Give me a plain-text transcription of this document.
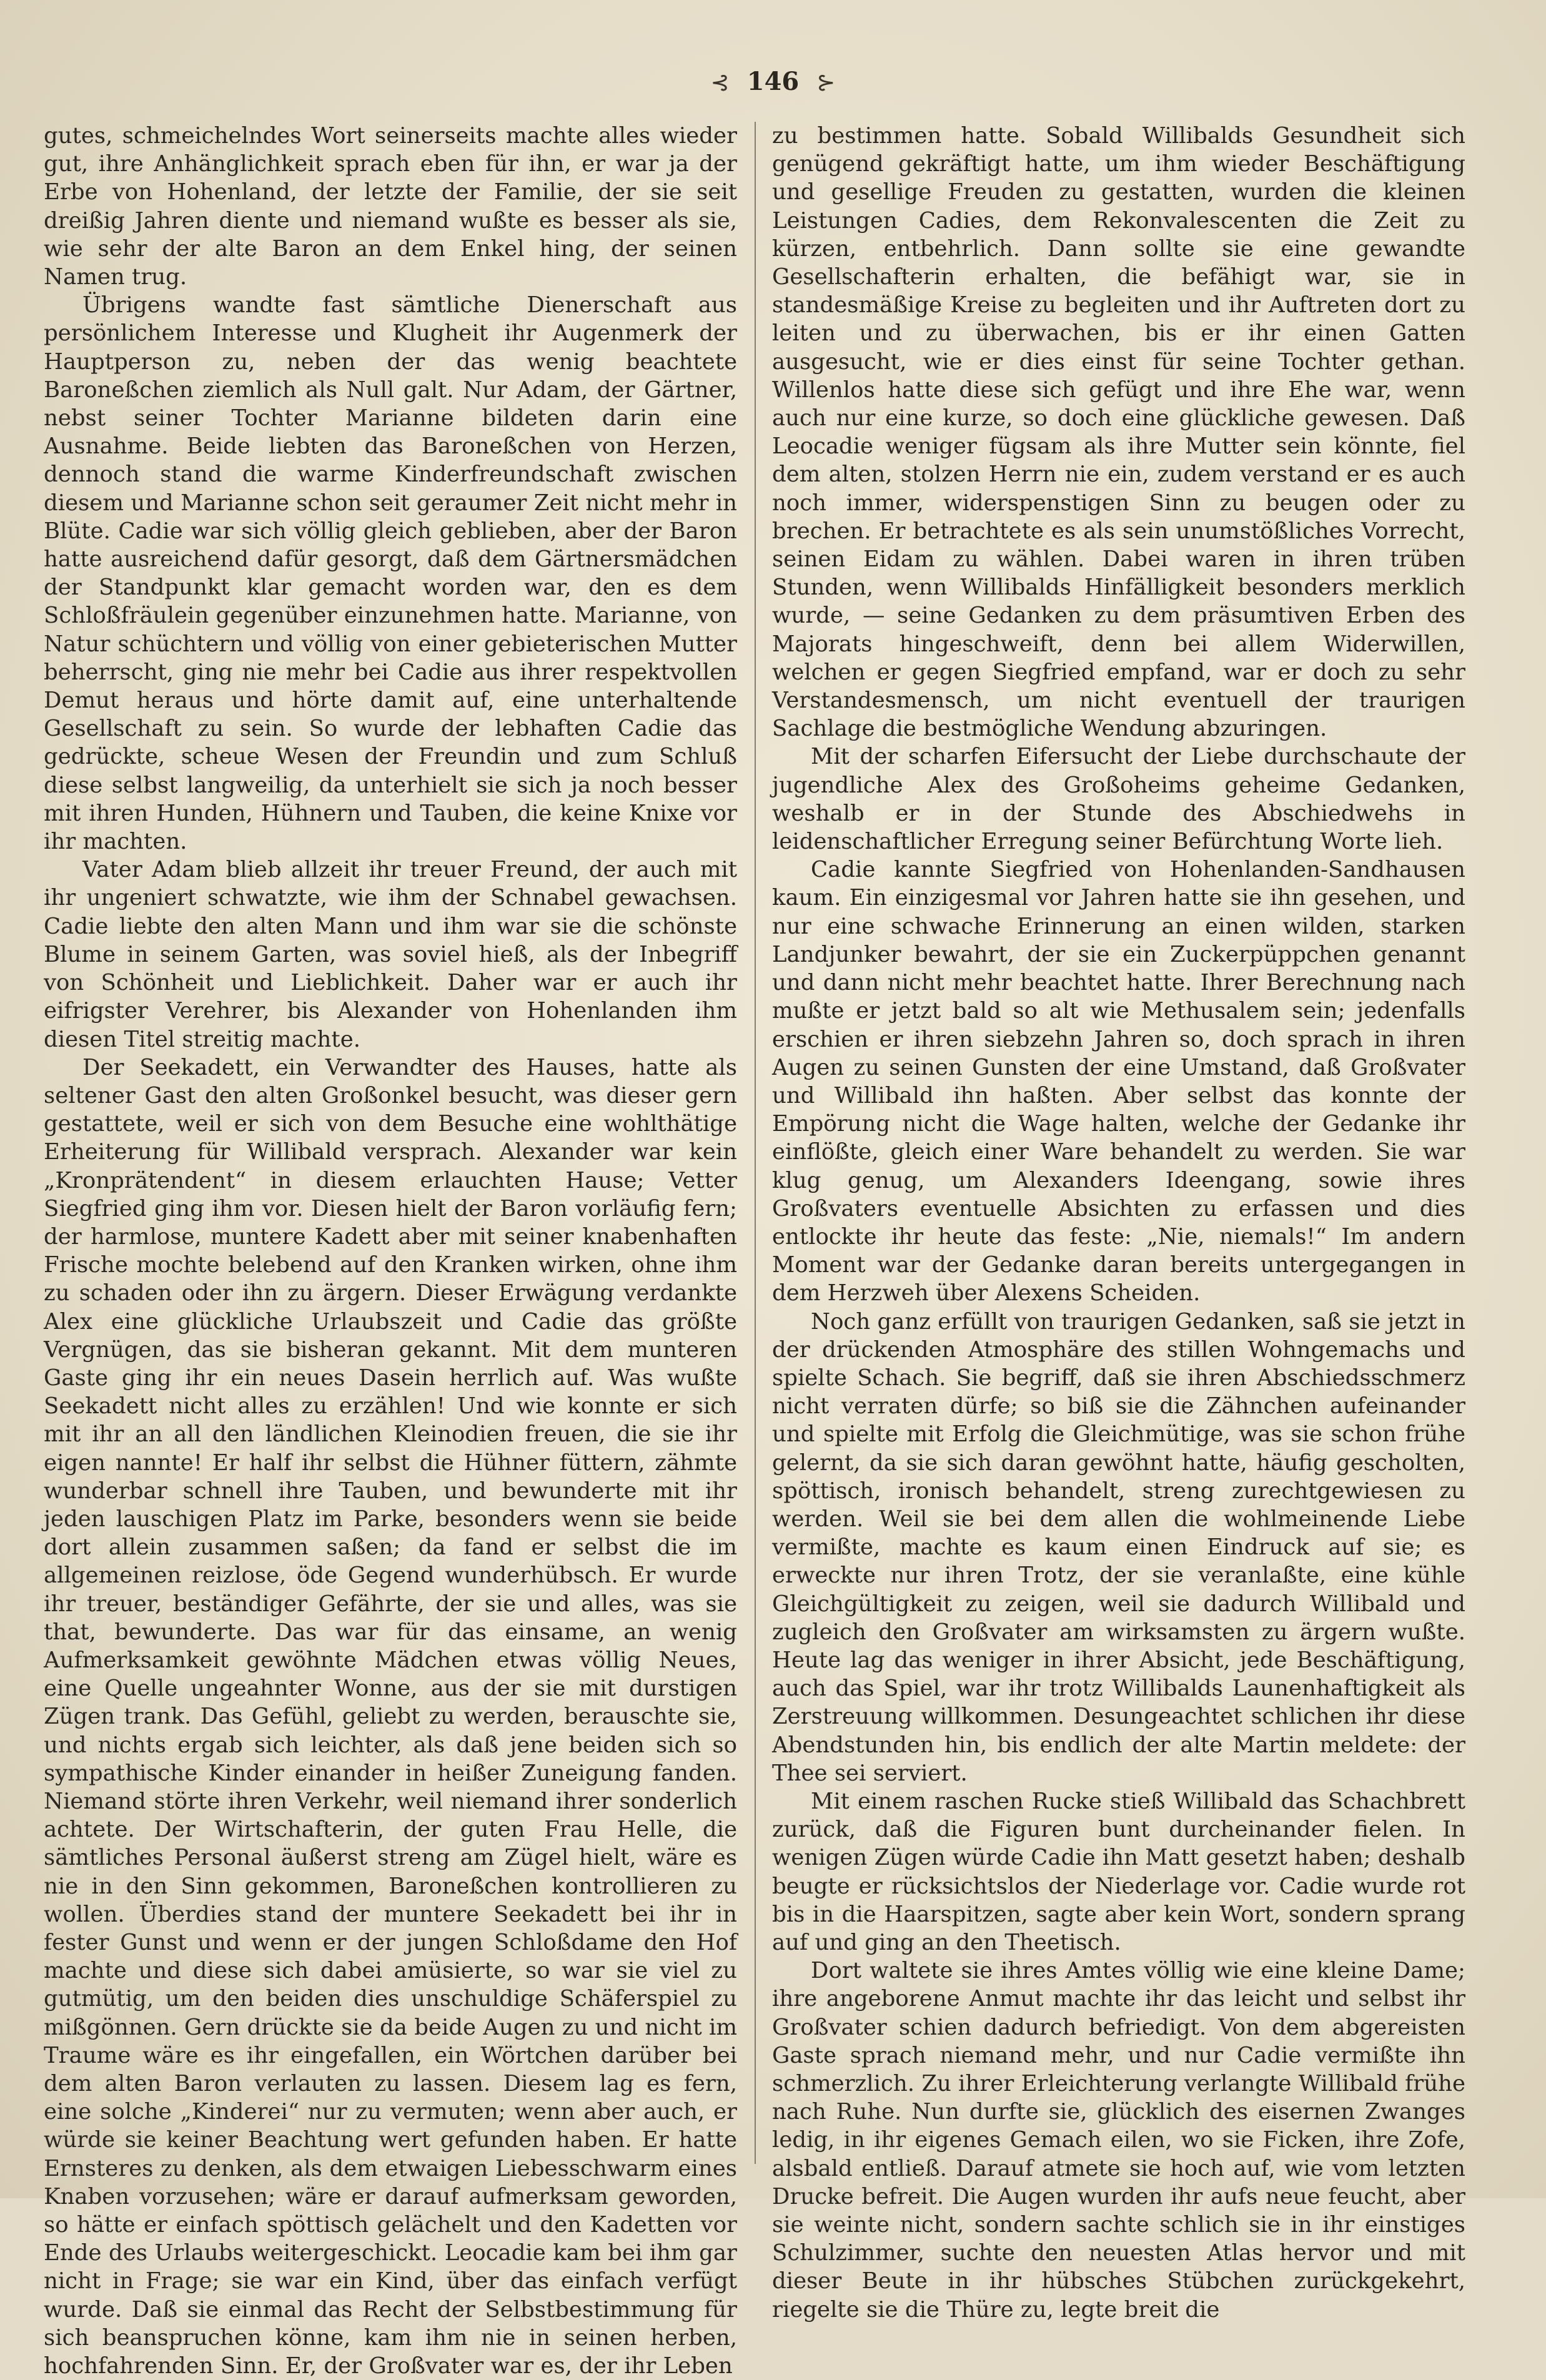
⊰ 146 ⊱

gutes, schmeichelndes Wort seinerseits machte alles wieder gut, ihre Anhänglichkeit sprach eben für ihn, er war ja der Erbe von Hohenland, der letzte der Familie, der sie seit dreißig Jahren diente und niemand wußte es besser als sie, wie sehr der alte Baron an dem Enkel hing, der seinen Namen trug.

Übrigens wandte fast sämtliche Dienerschaft aus persönlichem Interesse und Klugheit ihr Augenmerk der Hauptperson zu, neben der das wenig beachtete Baroneßchen ziemlich als Null galt. Nur Adam, der Gärtner, nebst seiner Tochter Marianne bildeten darin eine Ausnahme. Beide liebten das Baroneßchen von Herzen, dennoch stand die warme Kinderfreundschaft zwischen diesem und Marianne schon seit geraumer Zeit nicht mehr in Blüte. Cadie war sich völlig gleich geblieben, aber der Baron hatte ausreichend dafür gesorgt, daß dem Gärtnersmädchen der Standpunkt klar gemacht worden war, den es dem Schloßfräulein gegenüber einzunehmen hatte. Marianne, von Natur schüchtern und völlig von einer gebieterischen Mutter beherrscht, ging nie mehr bei Cadie aus ihrer respektvollen Demut heraus und hörte damit auf, eine unterhaltende Gesellschaft zu sein. So wurde der lebhaften Cadie das gedrückte, scheue Wesen der Freundin und zum Schluß diese selbst langweilig, da unterhielt sie sich ja noch besser mit ihren Hunden, Hühnern und Tauben, die keine Knixe vor ihr machten.

Vater Adam blieb allzeit ihr treuer Freund, der auch mit ihr ungeniert schwatzte, wie ihm der Schnabel gewachsen. Cadie liebte den alten Mann und ihm war sie die schönste Blume in seinem Garten, was soviel hieß, als der Inbegriff von Schönheit und Lieblichkeit. Daher war er auch ihr eifrigster Verehrer, bis Alexander von Hohenlanden ihm diesen Titel streitig machte.

Der Seekadett, ein Verwandter des Hauses, hatte als seltener Gast den alten Großonkel besucht, was dieser gern gestattete, weil er sich von dem Besuche eine wohlthätige Erheiterung für Willibald versprach. Alexander war kein „Kronprätendent“ in diesem erlauchten Hause; Vetter Siegfried ging ihm vor. Diesen hielt der Baron vorläufig fern; der harmlose, muntere Kadett aber mit seiner knabenhaften Frische mochte belebend auf den Kranken wirken, ohne ihm zu schaden oder ihn zu ärgern. Dieser Erwägung verdankte Alex eine glückliche Urlaubszeit und Cadie das größte Vergnügen, das sie bisheran gekannt. Mit dem munteren Gaste ging ihr ein neues Dasein herrlich auf. Was wußte Seekadett nicht alles zu erzählen! Und wie konnte er sich mit ihr an all den ländlichen Kleinodien freuen, die sie ihr eigen nannte! Er half ihr selbst die Hühner füttern, zähmte wunderbar schnell ihre Tauben, und bewunderte mit ihr jeden lauschigen Platz im Parke, besonders wenn sie beide dort allein zusammen saßen; da fand er selbst die im allgemeinen reizlose, öde Gegend wunderhübsch. Er wurde ihr treuer, beständiger Gefährte, der sie und alles, was sie that, bewunderte. Das war für das einsame, an wenig Aufmerksamkeit gewöhnte Mädchen etwas völlig Neues, eine Quelle ungeahnter Wonne, aus der sie mit durstigen Zügen trank. Das Gefühl, geliebt zu werden, berauschte sie, und nichts ergab sich leichter, als daß jene beiden sich so sympathische Kinder einander in heißer Zuneigung fanden. Niemand störte ihren Verkehr, weil niemand ihrer sonderlich achtete. Der Wirtschafterin, der guten Frau Helle, die sämtliches Personal äußerst streng am Zügel hielt, wäre es nie in den Sinn gekommen, Baroneßchen kontrollieren zu wollen. Überdies stand der muntere Seekadett bei ihr in fester Gunst und wenn er der jungen Schloßdame den Hof machte und diese sich dabei amüsierte, so war sie viel zu gutmütig, um den beiden dies unschuldige Schäferspiel zu mißgönnen. Gern drückte sie da beide Augen zu und nicht im Traume wäre es ihr eingefallen, ein Wörtchen darüber bei dem alten Baron verlauten zu lassen. Diesem lag es fern, eine solche „Kinderei“ nur zu vermuten; wenn aber auch, er würde sie keiner Beachtung wert gefunden haben. Er hatte Ernsteres zu denken, als dem etwaigen Liebesschwarm eines Knaben vorzusehen; wäre er darauf aufmerksam geworden, so hätte er einfach spöttisch gelächelt und den Kadetten vor Ende des Urlaubs weitergeschickt. Leocadie kam bei ihm gar nicht in Frage; sie war ein Kind, über das einfach verfügt wurde. Daß sie einmal das Recht der Selbstbestimmung für sich beanspruchen könne, kam ihm nie in seinen herben, hochfahrenden Sinn. Er, der Großvater war es, der ihr Leben

zu bestimmen hatte. Sobald Willibalds Gesundheit sich genügend gekräftigt hatte, um ihm wieder Beschäftigung und gesellige Freuden zu gestatten, wurden die kleinen Leistungen Cadies, dem Rekonvalescenten die Zeit zu kürzen, entbehrlich. Dann sollte sie eine gewandte Gesellschafterin erhalten, die befähigt war, sie in standesmäßige Kreise zu begleiten und ihr Auftreten dort zu leiten und zu überwachen, bis er ihr einen Gatten ausgesucht, wie er dies einst für seine Tochter gethan. Willenlos hatte diese sich gefügt und ihre Ehe war, wenn auch nur eine kurze, so doch eine glückliche gewesen. Daß Leocadie weniger fügsam als ihre Mutter sein könnte, fiel dem alten, stolzen Herrn nie ein, zudem verstand er es auch noch immer, widerspenstigen Sinn zu beugen oder zu brechen. Er betrachtete es als sein unumstößliches Vorrecht, seinen Eidam zu wählen. Dabei waren in ihren trüben Stunden, wenn Willibalds Hinfälligkeit besonders merklich wurde, — seine Gedanken zu dem präsumtiven Erben des Majorats hingeschweift, denn bei allem Widerwillen, welchen er gegen Siegfried empfand, war er doch zu sehr Verstandesmensch, um nicht eventuell der traurigen Sachlage die bestmögliche Wendung abzuringen.

Mit der scharfen Eifersucht der Liebe durchschaute der jugendliche Alex des Großoheims geheime Gedanken, weshalb er in der Stunde des Abschiedwehs in leidenschaftlicher Erregung seiner Befürchtung Worte lieh.

Cadie kannte Siegfried von Hohenlanden-Sandhausen kaum. Ein einzigesmal vor Jahren hatte sie ihn gesehen, und nur eine schwache Erinnerung an einen wilden, starken Landjunker bewahrt, der sie ein Zuckerpüppchen genannt und dann nicht mehr beachtet hatte. Ihrer Berechnung nach mußte er jetzt bald so alt wie Methusalem sein; jedenfalls erschien er ihren siebzehn Jahren so, doch sprach in ihren Augen zu seinen Gunsten der eine Umstand, daß Großvater und Willibald ihn haßten. Aber selbst das konnte der Empörung nicht die Wage halten, welche der Gedanke ihr einflößte, gleich einer Ware behandelt zu werden. Sie war klug genug, um Alexanders Ideengang, sowie ihres Großvaters eventuelle Absichten zu erfassen und dies entlockte ihr heute das feste: „Nie, niemals!“ Im andern Moment war der Gedanke daran bereits untergegangen in dem Herzweh über Alexens Scheiden.

Noch ganz erfüllt von traurigen Gedanken, saß sie jetzt in der drückenden Atmosphäre des stillen Wohngemachs und spielte Schach. Sie begriff, daß sie ihren Abschiedsschmerz nicht verraten dürfe; so biß sie die Zähnchen aufeinander und spielte mit Erfolg die Gleichmütige, was sie schon frühe gelernt, da sie sich daran gewöhnt hatte, häufig gescholten, spöttisch, ironisch behandelt, streng zurechtgewiesen zu werden. Weil sie bei dem allen die wohlmeinende Liebe vermißte, machte es kaum einen Eindruck auf sie; es erweckte nur ihren Trotz, der sie veranlaßte, eine kühle Gleichgültigkeit zu zeigen, weil sie dadurch Willibald und zugleich den Großvater am wirksamsten zu ärgern wußte. Heute lag das weniger in ihrer Absicht, jede Beschäftigung, auch das Spiel, war ihr trotz Willibalds Launenhaftigkeit als Zerstreuung willkommen. Desungeachtet schlichen ihr diese Abendstunden hin, bis endlich der alte Martin meldete: der Thee sei serviert.

Mit einem raschen Rucke stieß Willibald das Schachbrett zurück, daß die Figuren bunt durcheinander fielen. In wenigen Zügen würde Cadie ihn Matt gesetzt haben; deshalb beugte er rücksichtslos der Niederlage vor. Cadie wurde rot bis in die Haarspitzen, sagte aber kein Wort, sondern sprang auf und ging an den Theetisch.

Dort waltete sie ihres Amtes völlig wie eine kleine Dame; ihre angeborene Anmut machte ihr das leicht und selbst ihr Großvater schien dadurch befriedigt. Von dem abgereisten Gaste sprach niemand mehr, und nur Cadie vermißte ihn schmerzlich. Zu ihrer Erleichterung verlangte Willibald frühe nach Ruhe. Nun durfte sie, glücklich des eisernen Zwanges ledig, in ihr eigenes Gemach eilen, wo sie Ficken, ihre Zofe, alsbald entließ. Darauf atmete sie hoch auf, wie vom letzten Drucke befreit. Die Augen wurden ihr aufs neue feucht, aber sie weinte nicht, sondern sachte schlich sie in ihr einstiges Schulzimmer, suchte den neuesten Atlas hervor und mit dieser Beute in ihr hübsches Stübchen zurückgekehrt, riegelte sie die Thüre zu, legte breit die
